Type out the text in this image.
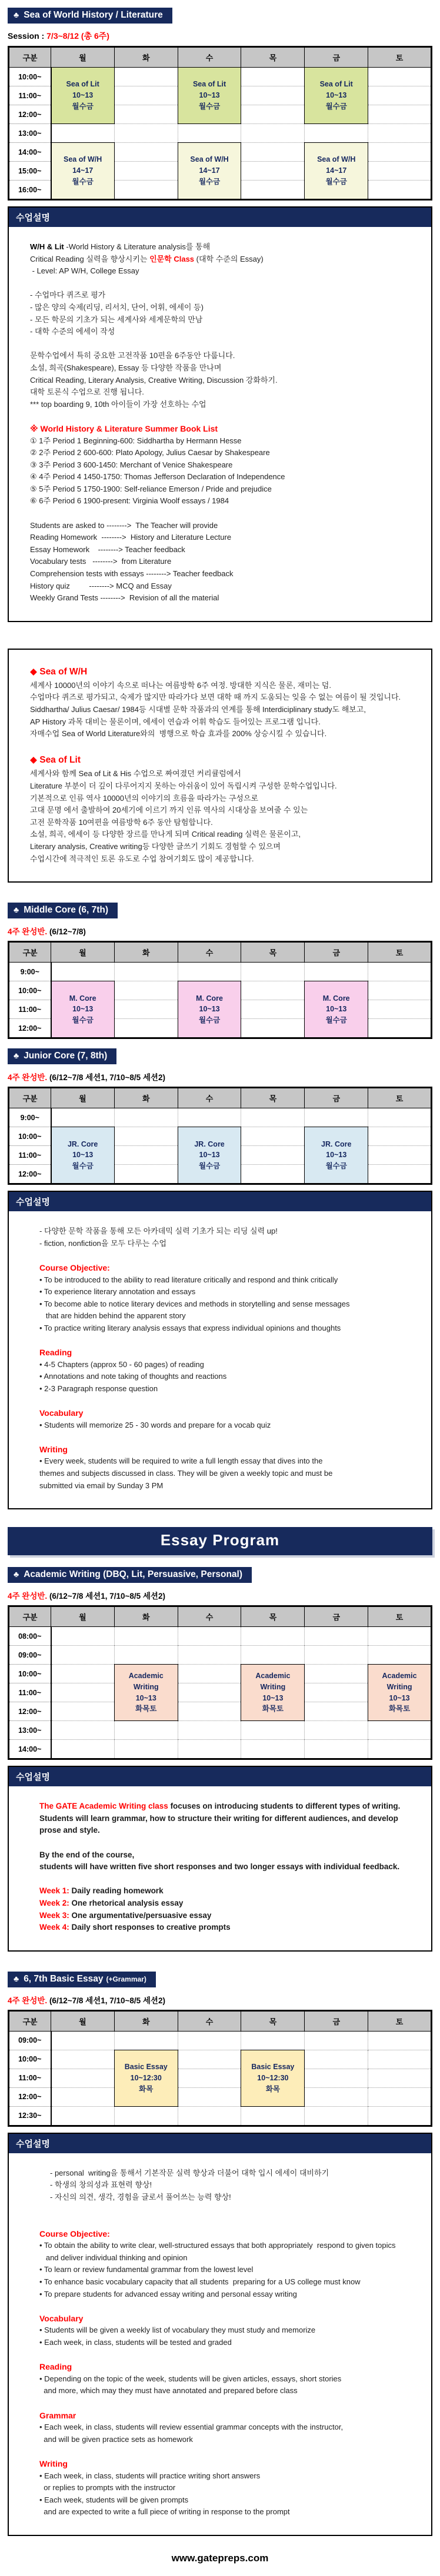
♣ Sea of World History / Literature
Session : 7/3~8/12 (총 6주)
구분	월	화	수	목	금	토
10:00~	Sea of Lit
10~13
월수금		Sea of Lit
10~13
월수금		Sea of Lit
10~13
월수금	
11:00~						
12:00~						
13:00~						
14:00~	Sea of W/H
14~17
월수금		Sea of W/H
14~17
월수금		Sea of W/H
14~17
월수금	
15:00~						
16:00~						
수업설명
W/H & Lit -World History & Literature analysis를 통해
Critical Reading 실력을 향상시키는 인문학 Class (대학 수준의 Essay)
- Level: AP W/H, College Essay
- 수업마다 퀴즈로 평가
- 많은 양의 숙제(리딩, 리서치, 단어, 어휘, 에세이 등)
- 모든 학문의 기초가 되는 세계사와 세계문학의 만남
- 대학 수준의 에세이 작성
문학수업에서 특히 중요한 고전작품 10편을 6주동안 다룹니다.
소설, 희곡(Shakespeare), Essay 등 다양한 작품을 만나며
Critical Reading, Literary Analysis, Creative Writing, Discussion 강화하기.
대학 토론식 수업으로 진행 됩니다.
*** top boarding 9, 10th 아이들이 가장 선호하는 수업
※ World History & Literature Summer Book List
① 1주 Period 1 Beginning-600: Siddhartha by Hermann Hesse
② 2주 Period 2 600-600: Plato Apology, Julius Caesar by Shakespeare
③ 3주 Period 3 600-1450: Merchant of Venice Shakespeare
④ 4주 Period 4 1450-1750: Thomas Jefferson Declaration of Independence
⑤ 5주 Period 5 1750-1900: Self-reliance Emerson / Pride and prejudice
⑥ 6주 Period 6 1900-present: Virginia Woolf essays / 1984
Students are asked to -------->  The Teacher will provide
Reading Homework  -------->  History and Literature Lecture
Essay Homework    --------> Teacher feedback
Vocabulary tests   -------->  from Literature
Comprehension tests with essays --------> Teacher feedback
History quiz         --------> MCQ and Essay
Weekly Grand Tests -------->  Revision of all the material
◆ Sea of W/H
세계사 10000년의 이야기 속으로 떠나는 여름방학 6주 여정. 방대한 지식은 물론, 재미는 덤.
수업마다 퀴즈로 평가되고, 숙제가 많지만 따라가다 보면 대학 때 까지 도움되는 잊을 수 없는 여름이 될 것입니다.
Siddhartha/ Julius Caesar/ 1984등 시대별 문학 작품과의 연계를 통해 Interdiciplinary study도 해보고,
AP History 과목 대비는 물론이며, 에세이 연습과 어휘 학습도 들어있는 프로그램 입니다.
자매수업 Sea of World Literature와의  병행으로 학습 효과를 200% 상승시킬 수 있습니다.
◆ Sea of Lit
세계사와 함께 Sea of Lit & His 수업으로 짜여졌던 커리큘럼에서
Literature 부분이 더 깊이 다루어지지 못하는 아쉬움이 있어 독립시켜 구성한 문학수업입니다.
기본적으로 인류 역사 10000년의 이야기의 흐름을 따라가는 구성으로
고대 문명 에서 출발하여 20세기에 이르기 까지 인류 역사의 시대상을 보여줄 수 있는
고전 문학작품 10여편을 여름방학 6주 동안 탐험합니다.
소설, 희곡, 에세이 등 다양한 장르를 만나게 되며 Critical reading 실력은 물론이고,
Literary analysis, Creative writing등 다양한 글쓰기 기회도 경험할 수 있으며
수업시간에 적극적인 토론 유도로 수업 참여기회도 많이 제공합니다.
♣ Middle Core (6, 7th)
4주 완성반. (6/12~7/8)
구분	월	화	수	목	금	토
9:00~						
10:00~	M. Core
10~13
월수금		M. Core
10~13
월수금		M. Core
10~13
월수금	
11:00~						
12:00~						
♣ Junior Core (7, 8th)
4주 완성반. (6/12~7/8 세션1, 7/10~8/5 세션2)
구분	월	화	수	목	금	토
9:00~						
10:00~	JR. Core
10~13
월수금		JR. Core
10~13
월수금		JR. Core
10~13
월수금	
11:00~						
12:00~						
수업설명
- 다양한 문학 작품을 통해 모든 아카데믹 실력 기초가 되는 리딩 실력 up!
- fiction, nonfiction을 모두 다루는 수업
Course Objective:
• To be introduced to the ability to read literature critically and respond and think critically
• To experience literary annotation and essays
• To become able to notice literary devices and methods in storytelling and sense messages
that are hidden behind the apparent story
• To practice writing literary analysis essays that express individual opinions and thoughts
Reading
• 4-5 Chapters (approx 50 - 60 pages) of reading
• Annotations and note taking of thoughts and reactions
• 2-3 Paragraph response question
Vocabulary
• Students will memorize 25 - 30 words and prepare for a vocab quiz
Writing
• Every week, students will be required to write a full length essay that dives into the
themes and subjects discussed in class. They will be given a weekly topic and must be
submitted via email by Sunday 3 PM
Essay Program
♣ Academic Writing (DBQ, Lit, Persuasive, Personal)
4주 완성반. (6/12~7/8 세션1, 7/10~8/5 세션2)
구분	월	화	수	목	금	토
08:00~						
09:00~						
10:00~		Academic Writing
10~13
화목토		Academic Writing
10~13
화목토		Academic Writing
10~13
화목토
11:00~						
12:00~						
13:00~						
14:00~						
수업설명
The GATE Academic Writing class focuses on introducing students to different types of writing.
Students will learn grammar, how to structure their writing for different audiences, and develop
prose and style.
By the end of the course,
students will have written five short responses and two longer essays with individual feedback.
Week 1: Daily reading homework
Week 2: One rhetorical analysis essay
Week 3: One argumentative/persuasive essay
Week 4: Daily short responses to creative prompts
♣ 6, 7th Basic Essay (+Grammar)
4주 완성반. (6/12~7/8 세션1, 7/10~8/5 세션2)
구분	월	화	수	목	금	토
09:00~						
10:00~		Basic Essay
10~12:30
화목		Basic Essay
10~12:30
화목		
11:00~						
12:00~						
12:30~						
수업설명
- personal  writing을 통해서 기본작문 실력 향상과 더불어 대학 입시 에세이 대비하기
- 학생의 창의성과 표현력 향상!
- 자신의 의견, 생각, 경험을 글로서 풀어쓰는 능력 향상!
Course Objective:
• To obtain the ability to write clear, well-structured essays that both appropriately  respond to given topics
and deliver individual thinking and opinion
• To learn or review fundamental grammar from the lowest level
• To enhance basic vocabulary capacity that all students  preparing for a US college must know
• To prepare students for advanced essay writing and personal essay writing
Vocabulary
• Students will be given a weekly list of vocabulary they must study and memorize
• Each week, in class, students will be tested and graded
Reading
• Depending on the topic of the week, students will be given articles, essays, short stories
and more, which may they must have annotated and prepared before class
Grammar
• Each week, in class, students will review essential grammar concepts with the instructor,
and will be given practice sets as homework
Writing
• Each week, in class, students will practice writing short answers
or replies to prompts with the instructor
• Each week, students will be given prompts
and are expected to write a full piece of writing in response to the prompt
www.gatepreps.com
